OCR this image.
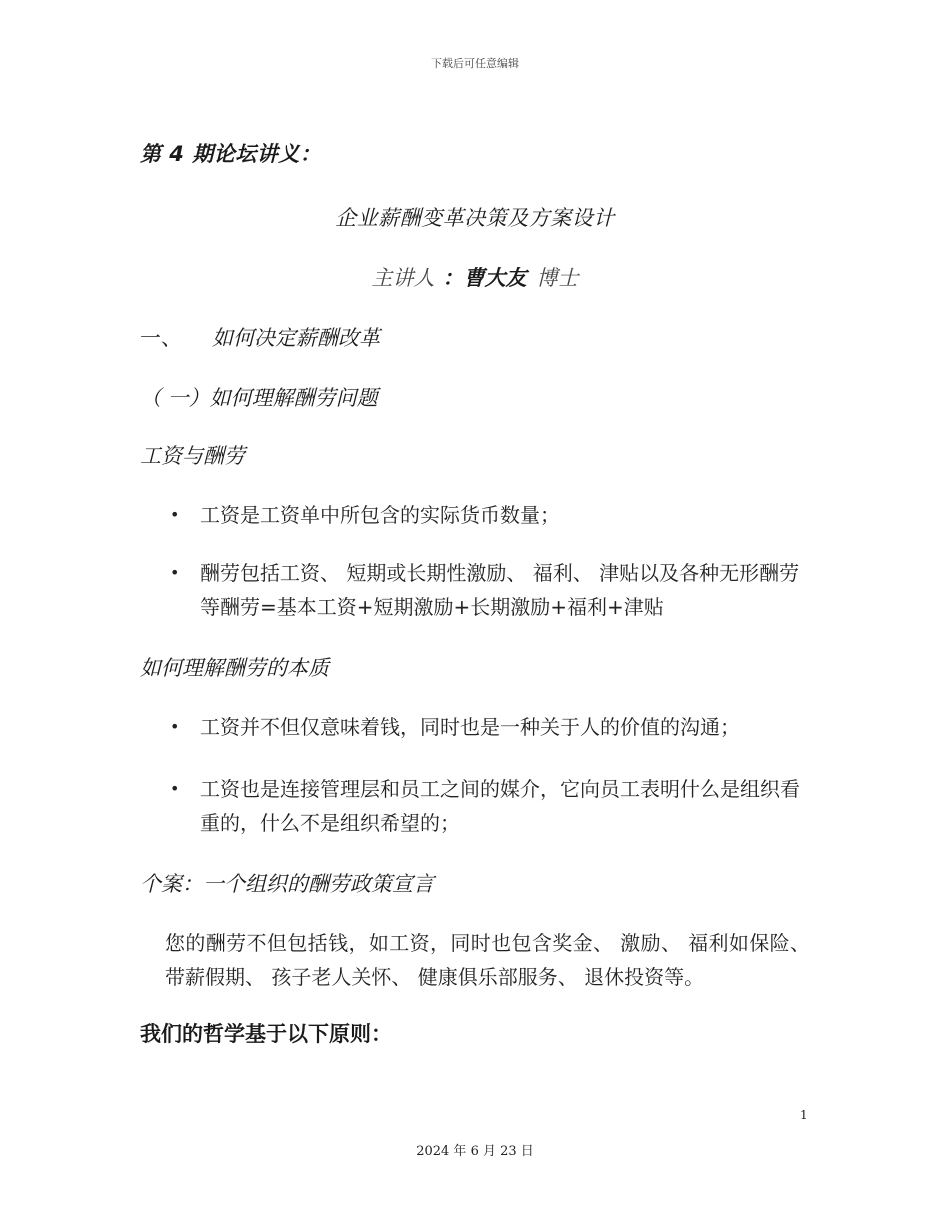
下载后可任意编辑
第 4 期论坛讲义：
企业薪酬变革决策及方案设计
主讲人 ：曹大友 博士
一、 如何决定薪酬改革
（ 一）如何理解酬劳问题
工资与酬劳
• 工资是工资单中所包含的实际货币数量；
• 酬劳包括工资、 短期或长期性激励、 福利、 津贴以及各种无形酬劳等酬劳=基本工资+短期激励+长期激励+福利+津贴
如何理解酬劳的本质
• 工资并不但仅意味着钱，同时也是一种关于人的价值的沟通；
• 工资也是连接管理层和员工之间的媒介，它向员工表明什么是组织看重的，什么不是组织希望的；
个案：一个组织的酬劳政策宣言
您的酬劳不但包括钱，如工资，同时也包含奖金、 激励、 福利如保险、 带薪假期、 孩子老人关怀、 健康俱乐部服务、 退休投资等。
我们的哲学基于以下原则：
1
2024 年 6 月 23 日
